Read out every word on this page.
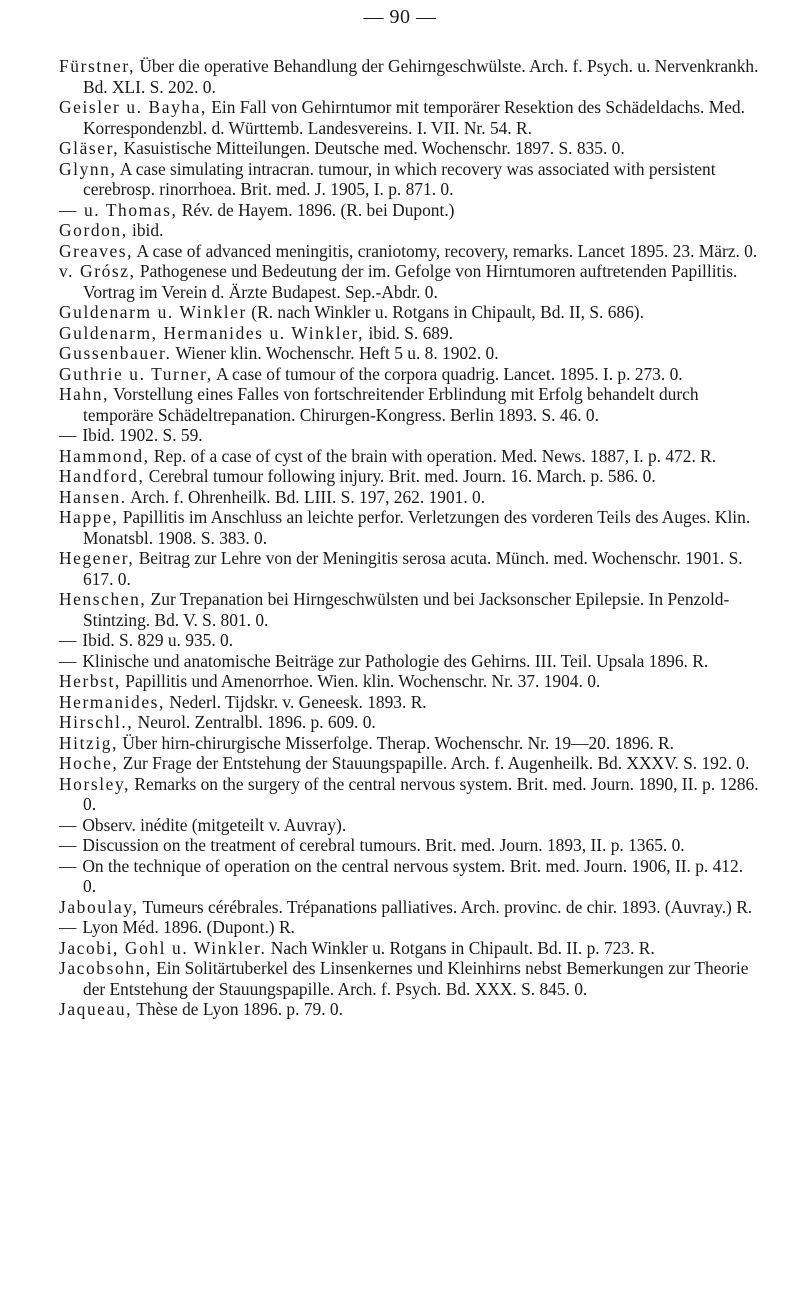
— 90 —
Fürstner, Über die operative Behandlung der Gehirngeschwülste. Arch. f. Psych. u. Nervenkrankh. Bd. XLI. S. 202. 0.
Geisler u. Bayha, Ein Fall von Gehirntumor mit temporärer Resektion des Schädeldachs. Med. Korrespondenzbl. d. Württemb. Landesvereins. I. VII. Nr. 54. R.
Gläser, Kasuistische Mitteilungen. Deutsche med. Wochenschr. 1897. S. 835. 0.
Glynn, A case simulating intracran. tumour, in which recovery was associated with persistent cerebrosp. rinorrhoea. Brit. med. J. 1905, I. p. 871. 0.
— u. Thomas, Rév. de Hayem. 1896. (R. bei Dupont.)
Gordon, ibid.
Greaves, A case of advanced meningitis, craniotomy, recovery, remarks. Lancet 1895. 23. März. 0.
v. Grósz, Pathogenese und Bedeutung der im. Gefolge von Hirntumoren auftretenden Papillitis. Vortrag im Verein d. Ärzte Budapest. Sep.-Abdr. 0.
Guldenarm u. Winkler (R. nach Winkler u. Rotgans in Chipault, Bd. II, S. 686).
Guldenarm, Hermanides u. Winkler, ibid. S. 689.
Gussenbauer. Wiener klin. Wochenschr. Heft 5 u. 8. 1902. 0.
Guthrie u. Turner, A case of tumour of the corpora quadrig. Lancet. 1895. I. p. 273. 0.
Hahn, Vorstellung eines Falles von fortschreitender Erblindung mit Erfolg behandelt durch temporäre Schädeltrepanation. Chirurgen-Kongress. Berlin 1893. S. 46. 0.
— Ibid. 1902. S. 59.
Hammond, Rep. of a case of cyst of the brain with operation. Med. News. 1887, I. p. 472. R.
Handford, Cerebral tumour following injury. Brit. med. Journ. 16. March. p. 586. 0.
Hansen. Arch. f. Ohrenheilk. Bd. LIII. S. 197, 262. 1901. 0.
Happe, Papillitis im Anschluss an leichte perfor. Verletzungen des vorderen Teils des Auges. Klin. Monatsbl. 1908. S. 383. 0.
Hegener, Beitrag zur Lehre von der Meningitis serosa acuta. Münch. med. Wochenschr. 1901. S. 617. 0.
Henschen, Zur Trepanation bei Hirngeschwülsten und bei Jacksonscher Epilepsie. In Penzold-Stintzing. Bd. V. S. 801. 0.
— Ibid. S. 829 u. 935. 0.
— Klinische und anatomische Beiträge zur Pathologie des Gehirns. III. Teil. Upsala 1896. R.
Herbst, Papillitis und Amenorrhoe. Wien. klin. Wochenschr. Nr. 37. 1904. 0.
Hermanides, Nederl. Tijdskr. v. Geneesk. 1893. R.
Hirschl., Neurol. Zentralbl. 1896. p. 609. 0.
Hitzig, Über hirn-chirurgische Misserfolge. Therap. Wochenschr. Nr. 19—20. 1896. R.
Hoche, Zur Frage der Entstehung der Stauungspapille. Arch. f. Augenheilk. Bd. XXXV. S. 192. 0.
Horsley, Remarks on the surgery of the central nervous system. Brit. med. Journ. 1890, II. p. 1286. 0.
— Observ. inédite (mitgeteilt v. Auvray).
— Discussion on the treatment of cerebral tumours. Brit. med. Journ. 1893, II. p. 1365. 0.
— On the technique of operation on the central nervous system. Brit. med. Journ. 1906, II. p. 412. 0.
Jaboulay, Tumeurs cérébrales. Trépanations palliatives. Arch. provinc. de chir. 1893. (Auvray.) R.
— Lyon Méd. 1896. (Dupont.) R.
Jacobi, Gohl u. Winkler. Nach Winkler u. Rotgans in Chipault. Bd. II. p. 723. R.
Jacobsohn, Ein Solitärtuberkel des Linsenkernes und Kleinhirns nebst Bemerkungen zur Theorie der Entstehung der Stauungspapille. Arch. f. Psych. Bd. XXX. S. 845. 0.
Jaqueau, Thèse de Lyon 1896. p. 79. 0.
